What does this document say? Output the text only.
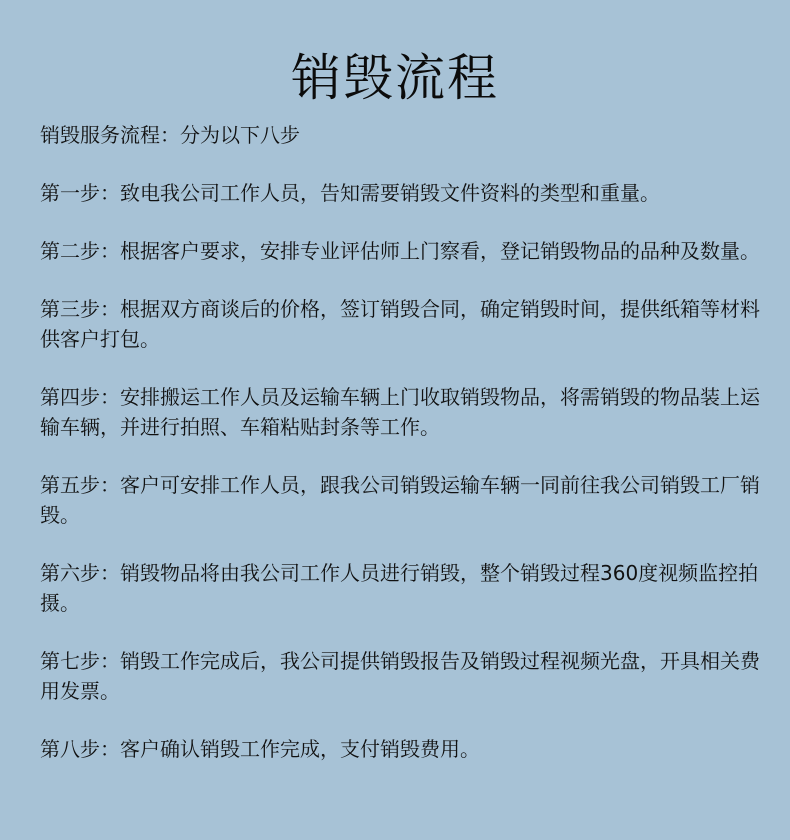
销毁流程

销毁服务流程：分为以下八步

第一步：致电我公司工作人员，告知需要销毁文件资料的类型和重量。

第二步：根据客户要求，安排专业评估师上门察看，登记销毁物品的品种及数量。

第三步：根据双方商谈后的价格，签订销毁合同，确定销毁时间，提供纸箱等材料供客户打包。

第四步：安排搬运工作人员及运输车辆上门收取销毁物品，将需销毁的物品装上运输车辆，并进行拍照、车箱粘贴封条等工作。

第五步：客户可安排工作人员，跟我公司销毁运输车辆一同前往我公司销毁工厂销毁。

第六步：销毁物品将由我公司工作人员进行销毁，整个销毁过程360度视频监控拍摄。

第七步：销毁工作完成后，我公司提供销毁报告及销毁过程视频光盘，开具相关费用发票。

第八步：客户确认销毁工作完成，支付销毁费用。
